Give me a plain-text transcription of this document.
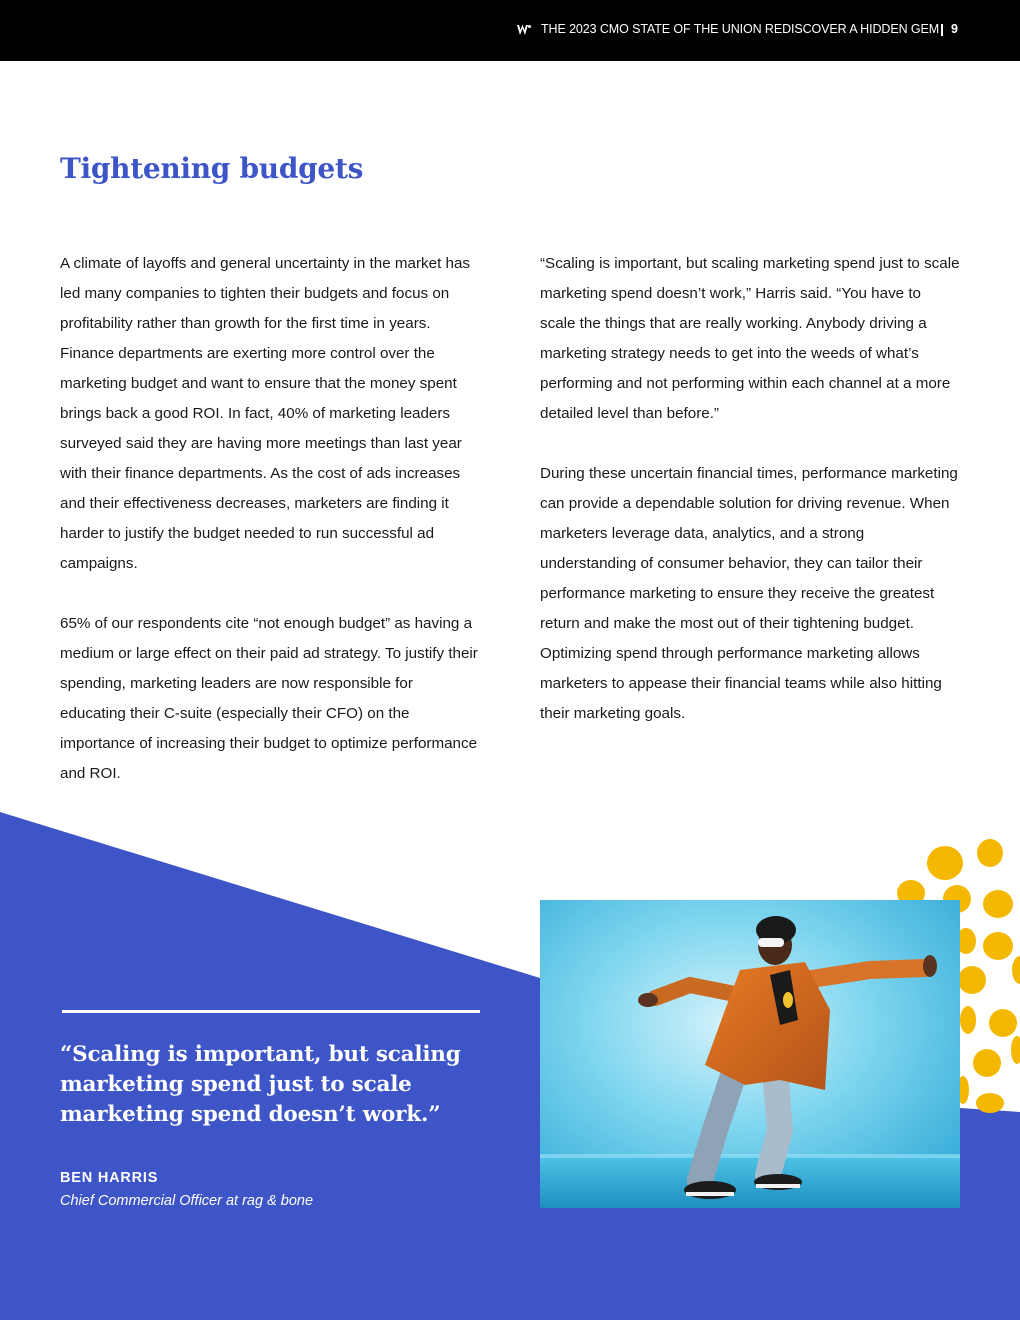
THE 2023 CMO STATE OF THE UNION REDISCOVER A HIDDEN GEM 9
Tightening budgets

A climate of layoffs and general uncertainty in the market has led many companies to tighten their budgets and focus on profitability rather than growth for the first time in years. Finance departments are exerting more control over the marketing budget and want to ensure that the money spent brings back a good ROI. In fact, 40% of marketing leaders surveyed said they are having more meetings than last year with their finance departments. As the cost of ads increases and their effectiveness decreases, marketers are finding it harder to justify the budget needed to run successful ad campaigns.

65% of our respondents cite “not enough budget” as having a medium or large effect on their paid ad strategy. To justify their spending, marketing leaders are now responsible for educating their C-suite (especially their CFO) on the importance of increasing their budget to optimize performance and ROI.

“Scaling is important, but scaling marketing spend just to scale marketing spend doesn’t work,” Harris said. “You have to scale the things that are really working. Anybody driving a marketing strategy needs to get into the weeds of what’s performing and not performing within each channel at a more detailed level than before.”

During these uncertain financial times, performance marketing can provide a dependable solution for driving revenue. When marketers leverage data, analytics, and a strong understanding of consumer behavior, they can tailor their performance marketing to ensure they receive the greatest return and make the most out of their tightening budget. Optimizing spend through performance marketing allows marketers to appease their financial teams while also hitting their marketing goals.

“Scaling is important, but scaling marketing spend just to scale marketing spend doesn’t work.”
BEN HARRIS
Chief Commercial Officer at rag & bone
